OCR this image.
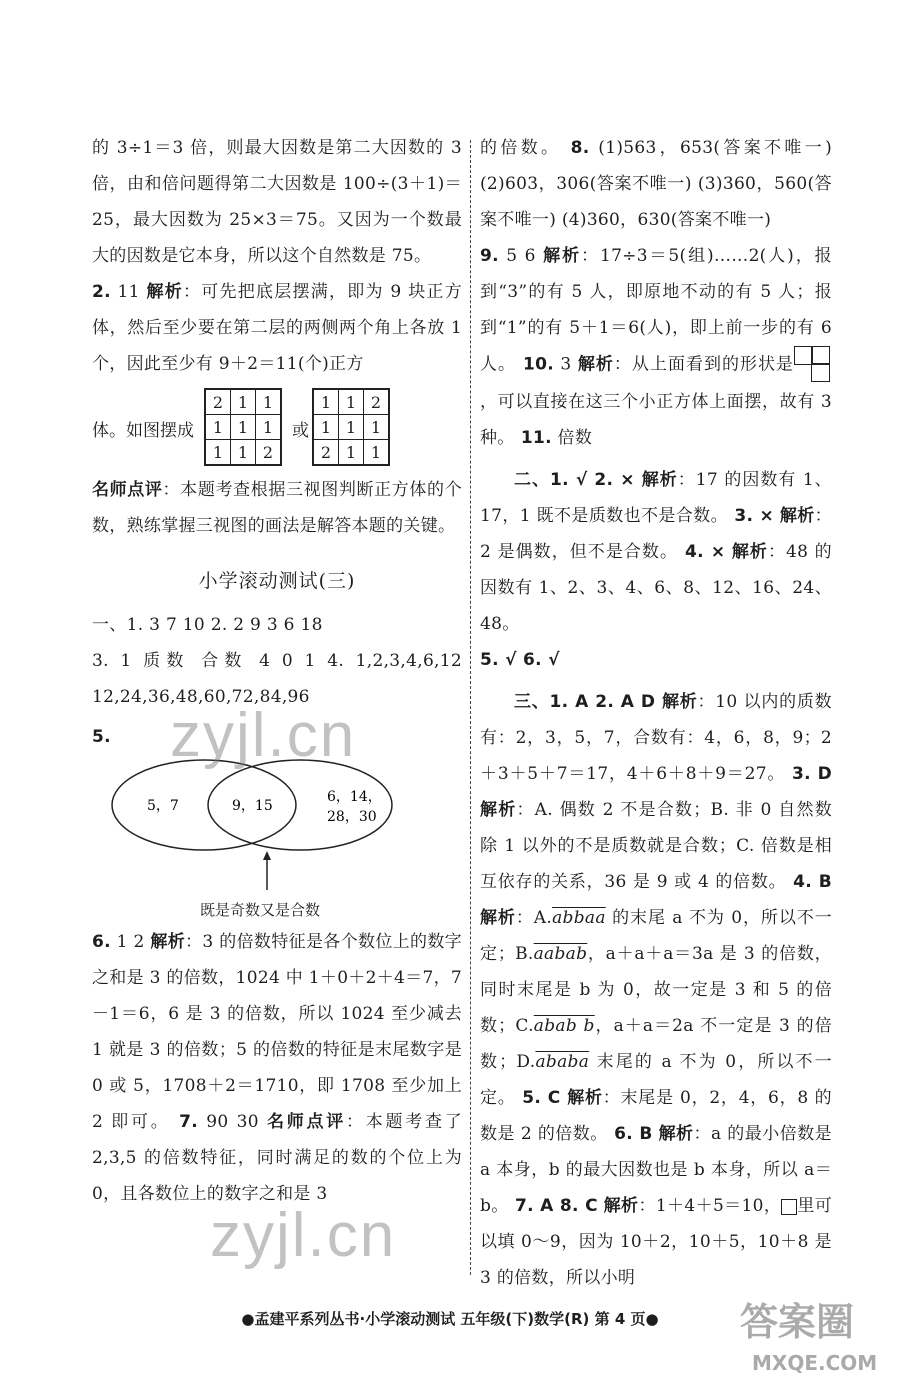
的 3÷1＝3 倍，则最大因数是第二大因数的 3 倍，由和倍问题得第二大因数是 100÷(3＋1)＝25，最大因数为 25×3＝75。又因为一个数最大的因数是它本身，所以这个自然数是 75。

2. 11 解析：可先把底层摆满，即为 9 块正方体，然后至少要在第二层的两侧两个角上各放 1 个，因此至少有 9＋2＝11(个)正方

体。如图摆成
2	1	1
1	1	1
1	1	2
或
1	1	2
1	1	1
2	1	1

名师点评：本题考查根据三视图判断正方体的个数，熟练掌握三视图的画法是解答本题的关键。

小学滚动测试(三)

一、1. 3 7 10 2. 2 9 3 6 18

3. 1 质数 合数 4 0 1 4. 1,2,3,4,6,12 12,24,36,48,60,72,84,96

5.

5，7	9，15
6，14，
28，30
既是奇数又是合数

6. 1 2 解析：3 的倍数特征是各个数位上的数字之和是 3 的倍数，1024 中 1＋0＋2＋4＝7，7－1＝6，6 是 3 的倍数，所以 1024 至少减去 1 就是 3 的倍数；5 的倍数的特征是末尾数字是 0 或 5，1708＋2＝1710，即 1708 至少加上 2 即可。 7. 90 30 名师点评：本题考查了 2,3,5 的倍数特征，同时满足的数的个位上为 0，且各数位上的数字之和是 3

的倍数。 8. (1)563，653(答案不唯一)(2)603，306(答案不唯一) (3)360，560(答案不唯一) (4)360，630(答案不唯一)

9. 5 6 解析：17÷3＝5(组)……2(人)，报到“3”的有 5 人，即原地不动的有 5 人；报到“1”的有 5＋1＝6(人)，即上前一步的有 6 人。 10. 3 解析：从上面看到的形状是
，可以直接在这三个小正方体上面摆，故有 3 种。 11. 倍数

二、1. √ 2. × 解析：17 的因数有 1、17，1 既不是质数也不是合数。 3. × 解析：2 是偶数，但不是合数。 4. × 解析：48 的因数有 1、2、3、4、6、8、12、16、24、48。

5. √ 6. √

三、1. A 2. A D 解析：10 以内的质数有：2，3，5，7，合数有：4，6，8，9；2＋3＋5＋7＝17，4＋6＋8＋9＝27。 3. D 解析：A. 偶数 2 不是合数；B. 非 0 自然数除 1 以外的不是质数就是合数；C. 倍数是相互依存的关系，36 是 9 或 4 的倍数。 4. B 解析：A.abbaa 的末尾 a 不为 0，所以不一定；B.aabab，a＋a＋a＝3a 是 3 的倍数，同时末尾是 b 为 0，故一定是 3 和 5 的倍数；C.abab b，a＋a＝2a 不一定是 3 的倍数；D.ababa 末尾的 a 不为 0，所以不一定。 5. C 解析：末尾是 0，2，4，6，8 的数是 2 的倍数。 6. B 解析：a 的最小倍数是 a 本身，b 的最大因数也是 b 本身，所以 a＝b。 7. A 8. C 解析：1＋4＋5＝10， 里可以填 0～9，因为 10＋2，10＋5，10＋8 是 3 的倍数，所以小明

zyjl.cn
zyjl.cn
●孟建平系列丛书·小学滚动测试 五年级(下)数学(R) 第 4 页●	答案圈
MXQE.COM
